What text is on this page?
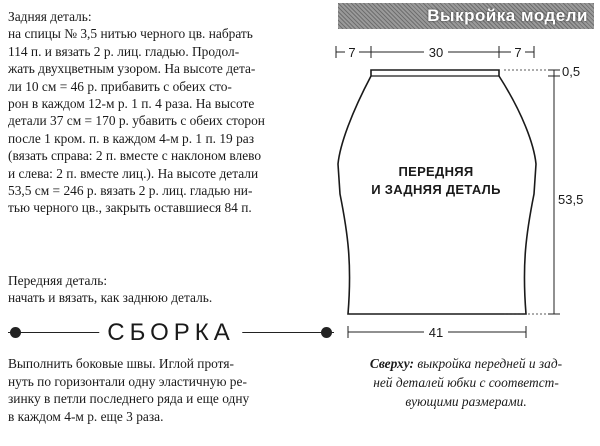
Задняя деталь:
на спицы № 3,5 нитью черного цв. набрать
114 п. и вязать 2 р. лиц. гладью. Продол-
жать двухцветным узором. На высоте дета-
ли 10 см = 46 р. прибавить с обеих сто-
рон в каждом 12-м р. 1 п. 4 раза. На высоте
детали 37 см = 170 р. убавить с обеих сторон
после 1 кром. п. в каждом 4-м р. 1 п. 19 раз
(вязать справа: 2 п. вместе с наклоном влево
и слева: 2 п. вместе лиц.). На высоте детали
53,5 см = 246 р. вязать 2 р. лиц. гладью ни-
тью черного цв., закрыть оставшиеся 84 п.
Передняя деталь:
начать и вязать, как заднюю деталь.
СБОРКА
Выполнить боковые швы. Иглой протя-
нуть по горизонтали одну эластичную ре-
зинку в петли последнего ряда и еще одну
в каждом 4-м р. еще 3 раза.
Выкройка модели
7	30	7
0,5
53,5
41
ПЕРЕДНЯЯ
И ЗАДНЯЯ ДЕТАЛЬ
Сверху: выкройка передней и зад-
ней деталей юбки с соответст-
вующими размерами.
